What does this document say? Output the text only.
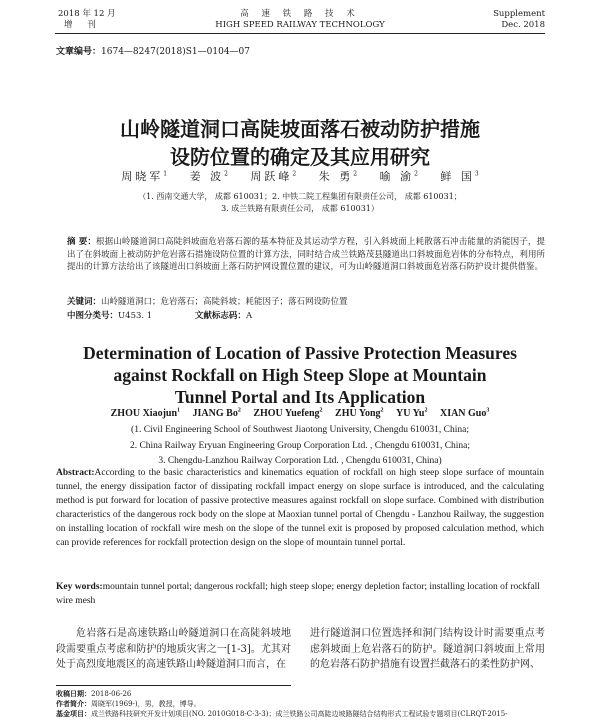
2018 年 12 月
增 刊
高 速 铁 路 技 术
HIGH SPEED RAILWAY TECHNOLOGY
Supplement
Dec. 2018
文章编号：1674—8247(2018)S1—0104—07
山岭隧道洞口高陡坡面落石被动防护措施
设防位置的确定及其应用研究
周晓军$^1$ 姜 波$^2$ 周跃峰$^2$ 朱 勇$^2$ 喻 渝$^2$ 鲜 国$^3$
（1. 西南交通大学， 成都 610031；2. 中铁二院工程集团有限责任公司， 成都 610031；
3. 成兰铁路有限责任公司， 成都 610031）
摘 要：根据山岭隧道洞口高陡斜坡面危岩落石源的基本特征及其运动学方程，引入斜坡面上耗散落石冲击能量的消能因子，提出了在斜坡面上被动防护危岩落石措施设防位置的计算方法，同时结合成兰铁路茂县隧道出口斜坡面危岩体的分布特点，利用所提出的计算方法给出了该隧道出口斜坡面上落石防护网设置位置的建议，可为山岭隧道洞口斜坡面危岩落石防护设计提供借鉴。
关键词：山岭隧道洞口；危岩落石；高陡斜坡；耗能因子；落石网设防位置
中图分类号：U453. 1	文献标志码：A
Determination of Location of Passive Protection Measures
against Rockfall on High Steep Slope at Mountain
Tunnel Portal and Its Application
ZHOU Xiaojun$^1$ JIANG Bo$^2$ ZHOU Yuefeng$^2$ ZHU Yong$^2$ YU Yu$^2$ XIAN Guo$^3$
(1. Civil Engineering School of Southwest Jiaotong University, Chengdu 610031, China;
2. China Railway Eryuan Engineering Group Corporation Ltd. , Chengdu 610031, China;
3. Chengdu-Lanzhou Railway Corporation Ltd. , Chengdu 610031, China)
Abstract:According to the basic characteristics and kinematics equation of rockfall on high steep slope surface of mountain tunnel, the energy dissipation factor of dissipating rockfall impact energy on slope surface is introduced, and the calculating method is put forward for location of passive protective measures against rockfall on slope surface. Combined with distribution characteristics of the dangerous rock body on the slope at Maoxian tunnel portal of Chengdu - Lanzhou Railway, the suggestion on installing location of rockfall wire mesh on the slope of the tunnel exit is proposed by proposed calculation method, which can provide references for rockfall protection design on the slope of mountain tunnel portal.
Key words:mountain tunnel portal; dangerous rockfall; high steep slope; energy depletion factor; installing location of rockfall wire mesh
危岩落石是高速铁路山岭隧道洞口在高陡斜坡地段需要重点考虑和防护的地质灾害之一[1-3]。尤其对处于高烈度地震区的高速铁路山岭隧道洞口而言，在
进行隧道洞口位置选择和洞门结构设计时需要重点考虑斜坡面上危岩落石的防护。隧道洞口斜坡面上常用的危岩落石防护措施有设置拦截落石的柔性防护网、
收稿日期：2018-06-26
作者简介：周晓军(1969-)，男，教授，博导。
基金项目：成兰铁路科技研究开发计划项目(NO. 2010G018-C-3-3)；成兰铁路公司高陡边坡路隧结合结构形式工程试验专题项目(CLRQT-2015-
